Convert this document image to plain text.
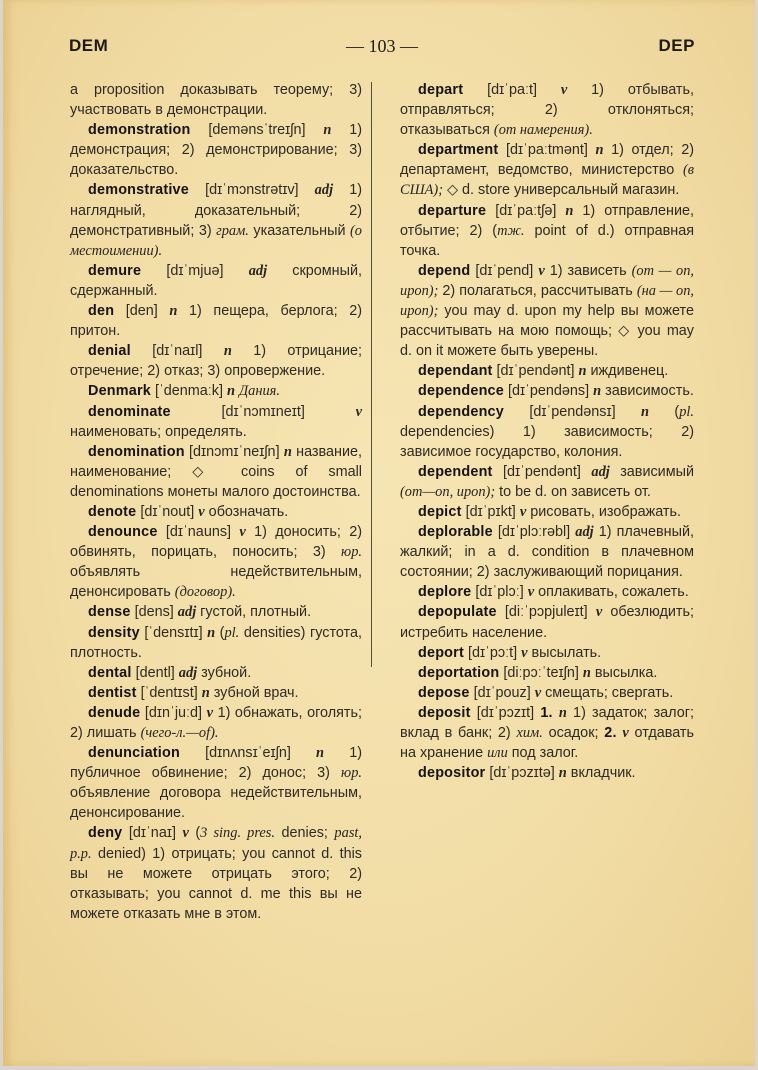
DEM	— 103 —	DEP

a proposition доказывать теорему; 3) участвовать в демонстрации.

demonstration [demənsˈtreɪʃn] n 1) демонстрация; 2) демонстрирование; 3) доказательство.

demonstrative [dɪˈmɔnstrətɪv] adj 1) наглядный, доказательный; 2) демонстративный; 3) грам. указательный (о местоимении).

demure [dɪˈmjuə] adj скромный, сдержанный.

den [den] n 1) пещера, берлога; 2) притон.

denial [dɪˈnaɪl] n 1) отрицание; отречение; 2) отказ; 3) опровержение.

Denmark [ˈdenmaːk] n Дания.

denominate [dɪˈnɔmɪneɪt] v наименовать; определять.

denomination [dɪnɔmɪˈneɪʃn] n название, наименование; ◇ coins of small denominations монеты малого достоинства.

denote [dɪˈnout] v обозначать.

denounce [dɪˈnauns] v 1) доносить; 2) обвинять, порицать, поносить; 3) юр. объявлять недействительным, денонсировать (договор).

dense [dens] adj густой, плотный.

density [ˈdensɪtɪ] n (pl. densities) густота, плотность.

dental [dentl] adj зубной.

dentist [ˈdentɪst] n зубной врач.

denude [dɪnˈjuːd] v 1) обнажать, оголять; 2) лишать (чего-л.—of).

denunciation [dɪnʌnsɪˈeɪʃn] n 1) публичное обвинение; 2) донос; 3) юр. объявление договора недействительным, денонсирование.

deny [dɪˈnaɪ] v (3 sing. pres. denies; past, p.p. denied) 1) отрицать; you cannot d. this вы не можете отрицать этого; 2) отказывать; you cannot d. me this вы не можете отказать мне в этом.

depart [dɪˈpaːt] v 1) отбывать, отправляться; 2) отклоняться; отказываться (от намерения).

department [dɪˈpaːtmənt] n 1) отдел; 2) департамент, ведомство, министерство (в США); ◇ d. store универсальный магазин.

departure [dɪˈpaːtʃə] n 1) отправление, отбытие; 2) (тж. point of d.) отправная точка.

depend [dɪˈpend] v 1) зависеть (от — on, upon); 2) полагаться, рассчитывать (на — on, upon); you may d. upon my help вы можете рассчитывать на мою помощь; ◇ you may d. on it можете быть уверены.

dependant [dɪˈpendənt] n иждивенец.

dependence [dɪˈpendəns] n зависимость.

dependency [dɪˈpendənsɪ] n (pl. dependencies) 1) зависимость; 2) зависимое государство, колония.

dependent [dɪˈpendənt] adj зависимый (от—on, upon); to be d. on зависеть от.

depict [dɪˈpɪkt] v рисовать, изображать.

deplorable [dɪˈplɔːrəbl] adj 1) плачевный, жалкий; in a d. condition в плачевном состоянии; 2) заслуживающий порицания.

deplore [dɪˈplɔː] v оплакивать, сожалеть.

depopulate [diːˈpɔpjuleɪt] v обезлюдить; истребить население.

deport [dɪˈpɔːt] v высылать.

deportation [diːpɔːˈteɪʃn] n высылка.

depose [dɪˈpouz] v смещать; свергать.

deposit [dɪˈpɔzɪt] 1. n 1) задаток; залог; вклад в банк; 2) хим. осадок; 2. v отдавать на хранение или под залог.

depositor [dɪˈpɔzɪtə] n вкладчик.
